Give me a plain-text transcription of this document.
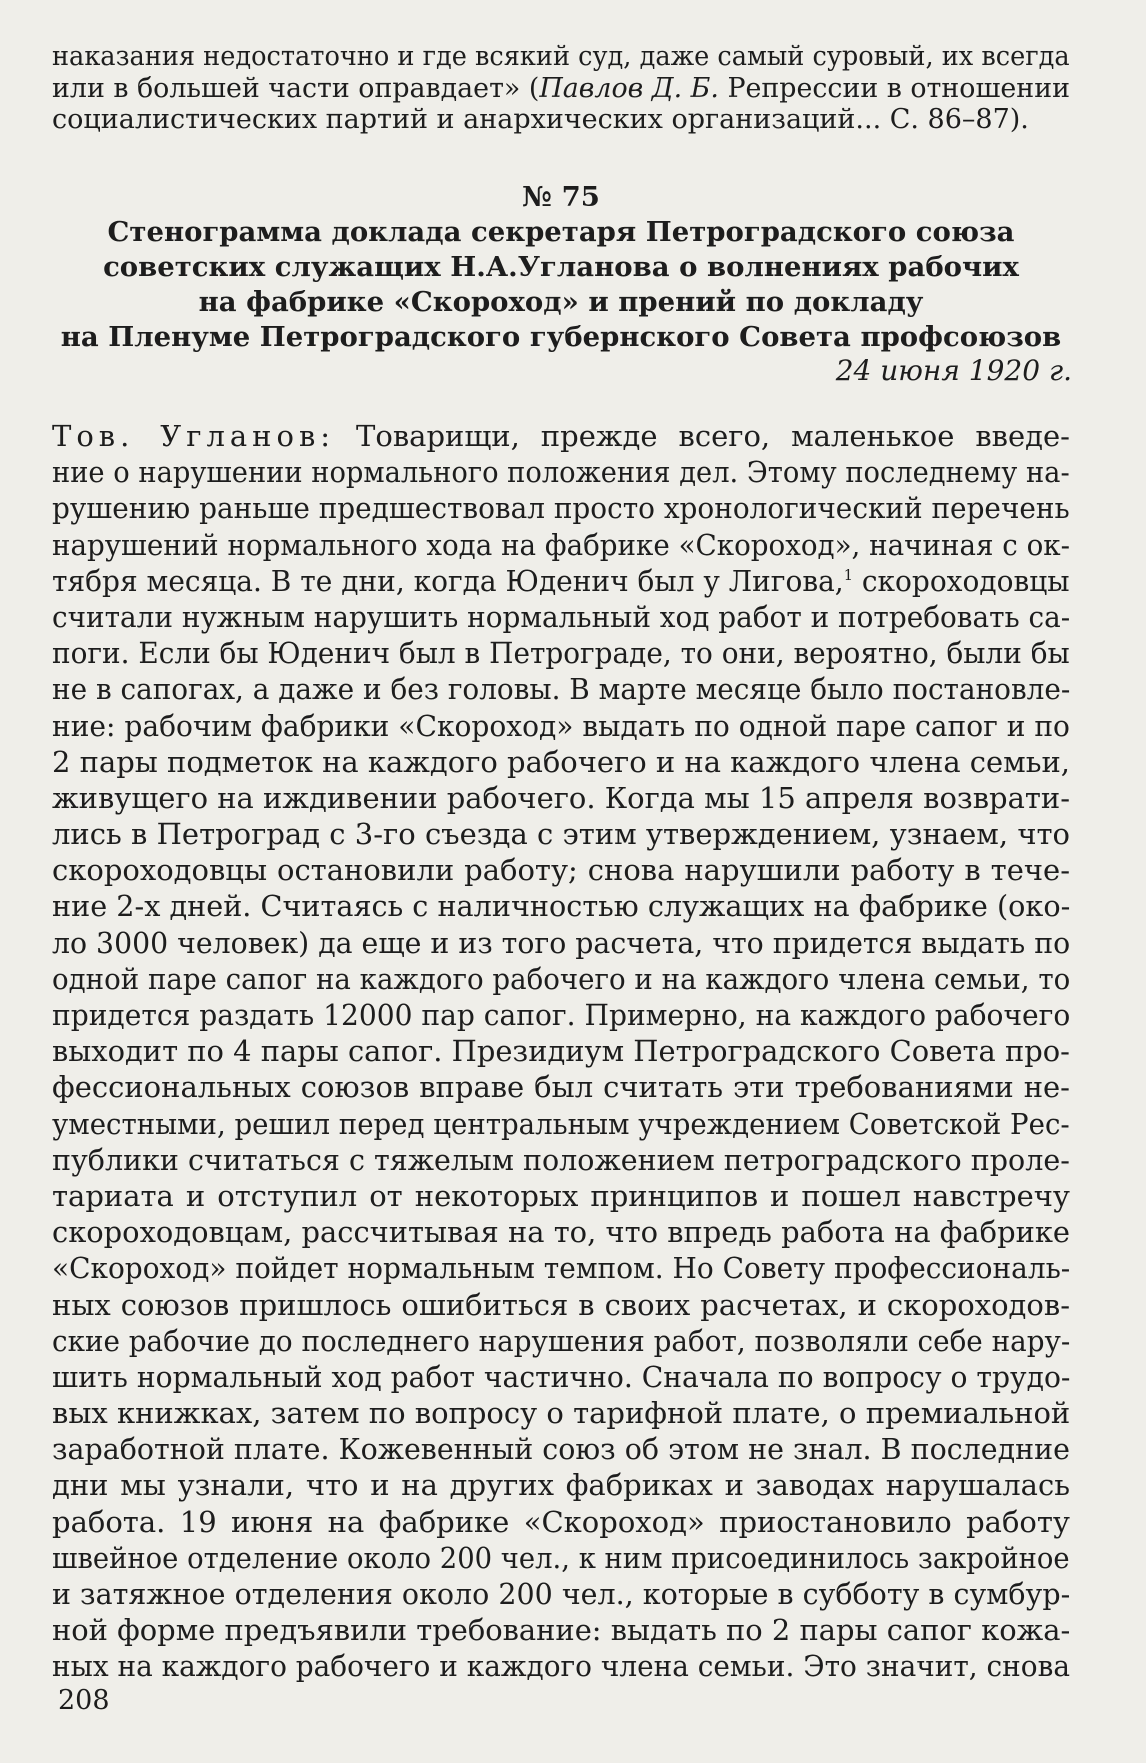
наказания недостаточно и где всякий суд, даже самый суровый, их всегда
или в большей части оправдает» (Павлов Д. Б. Репрессии в отношении
социалистических партий и анархических организаций... С. 86–87).
№ 75
Стенограмма доклада секретаря Петроградского союза
советских служащих Н.А.Угланова о волнениях рабочих
на фабрике «Скороход» и прений по докладу
на Пленуме Петроградского губернского Совета профсоюзов
24 июня 1920 г.
Тов. Угланов: Товарищи, прежде всего, маленькое введе-
ние о нарушении нормального положения дел. Этому последнему на-
рушению раньше предшествовал просто хронологический перечень
нарушений нормального хода на фабрике «Скороход», начиная с ок-
тября месяца. В те дни, когда Юденич был у Лигова,$^1$ скороходовцы
считали нужным нарушить нормальный ход работ и потребовать са-
поги. Если бы Юденич был в Петрограде, то они, вероятно, были бы
не в сапогах, а даже и без головы. В марте месяце было постановле-
ние: рабочим фабрики «Скороход» выдать по одной паре сапог и по
2 пары подметок на каждого рабочего и на каждого члена семьи,
живущего на иждивении рабочего. Когда мы 15 апреля возврати-
лись в Петроград с 3-го съезда с этим утверждением, узнаем, что
скороходовцы остановили работу; снова нарушили работу в тече-
ние 2-х дней. Считаясь с наличностью служащих на фабрике (око-
ло 3000 человек) да еще и из того расчета, что придется выдать по
одной паре сапог на каждого рабочего и на каждого члена семьи, то
придется раздать 12000 пар сапог. Примерно, на каждого рабочего
выходит по 4 пары сапог. Президиум Петроградского Совета про-
фессиональных союзов вправе был считать эти требованиями не-
уместными, решил перед центральным учреждением Советской Рес-
публики считаться с тяжелым положением петроградского проле-
тариата и отступил от некоторых принципов и пошел навстречу
скороходовцам, рассчитывая на то, что впредь работа на фабрике
«Скороход» пойдет нормальным темпом. Но Совету профессиональ-
ных союзов пришлось ошибиться в своих расчетах, и скороходов-
ские рабочие до последнего нарушения работ, позволяли себе нару-
шить нормальный ход работ частично. Сначала по вопросу о трудо-
вых книжках, затем по вопросу о тарифной плате, о премиальной
заработной плате. Кожевенный союз об этом не знал. В последние
дни мы узнали, что и на других фабриках и заводах нарушалась
работа. 19 июня на фабрике «Скороход» приостановило работу
швейное отделение около 200 чел., к ним присоединилось закройное
и затяжное отделения около 200 чел., которые в субботу в сумбур-
ной форме предъявили требование: выдать по 2 пары сапог кожа-
ных на каждого рабочего и каждого члена семьи. Это значит, снова
208
